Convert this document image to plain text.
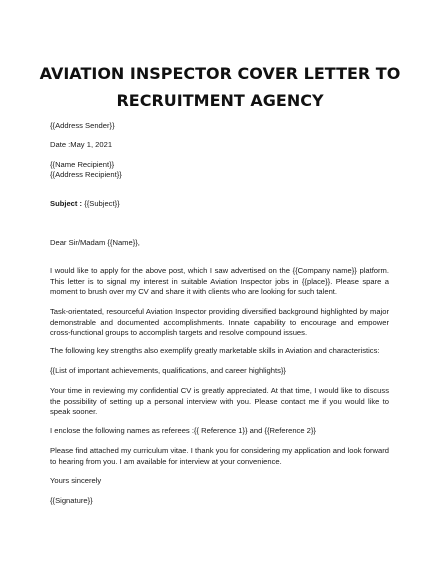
AVIATION INSPECTOR COVER LETTER TO
RECRUITMENT AGENCY
{{Address Sender}}
Date :May 1, 2021
{{Name Recipient}}
{{Address Recipient}}
Subject : {{Subject}}
Dear Sir/Madam {{Name}},
I would like to apply for the above post, which I saw advertised on the {{Company name}} platform. This letter is to signal my interest in suitable Aviation Inspector jobs in {{place}}. Please spare a moment to brush over my CV and share it with clients who are looking for such talent.
Task-orientated, resourceful Aviation Inspector providing diversified background highlighted by major demonstrable and documented accomplishments. Innate capability to encourage and empower cross-functional groups to accomplish targets and resolve compound issues.
The following key strengths also exemplify greatly marketable skills in Aviation and characteristics:
{{List of important achievements, qualifications, and career highlights}}
Your time in reviewing my confidential CV is greatly appreciated. At that time, I would like to discuss the possibility of setting up a personal interview with you. Please contact me if you would like to speak sooner.
I enclose the following names as referees :{{ Reference 1}} and {{Reference 2}}
Please find attached my curriculum vitae. I thank you for considering my application and look forward to hearing from you. I am available for interview at your convenience.
Yours sincerely
{{Signature}}
